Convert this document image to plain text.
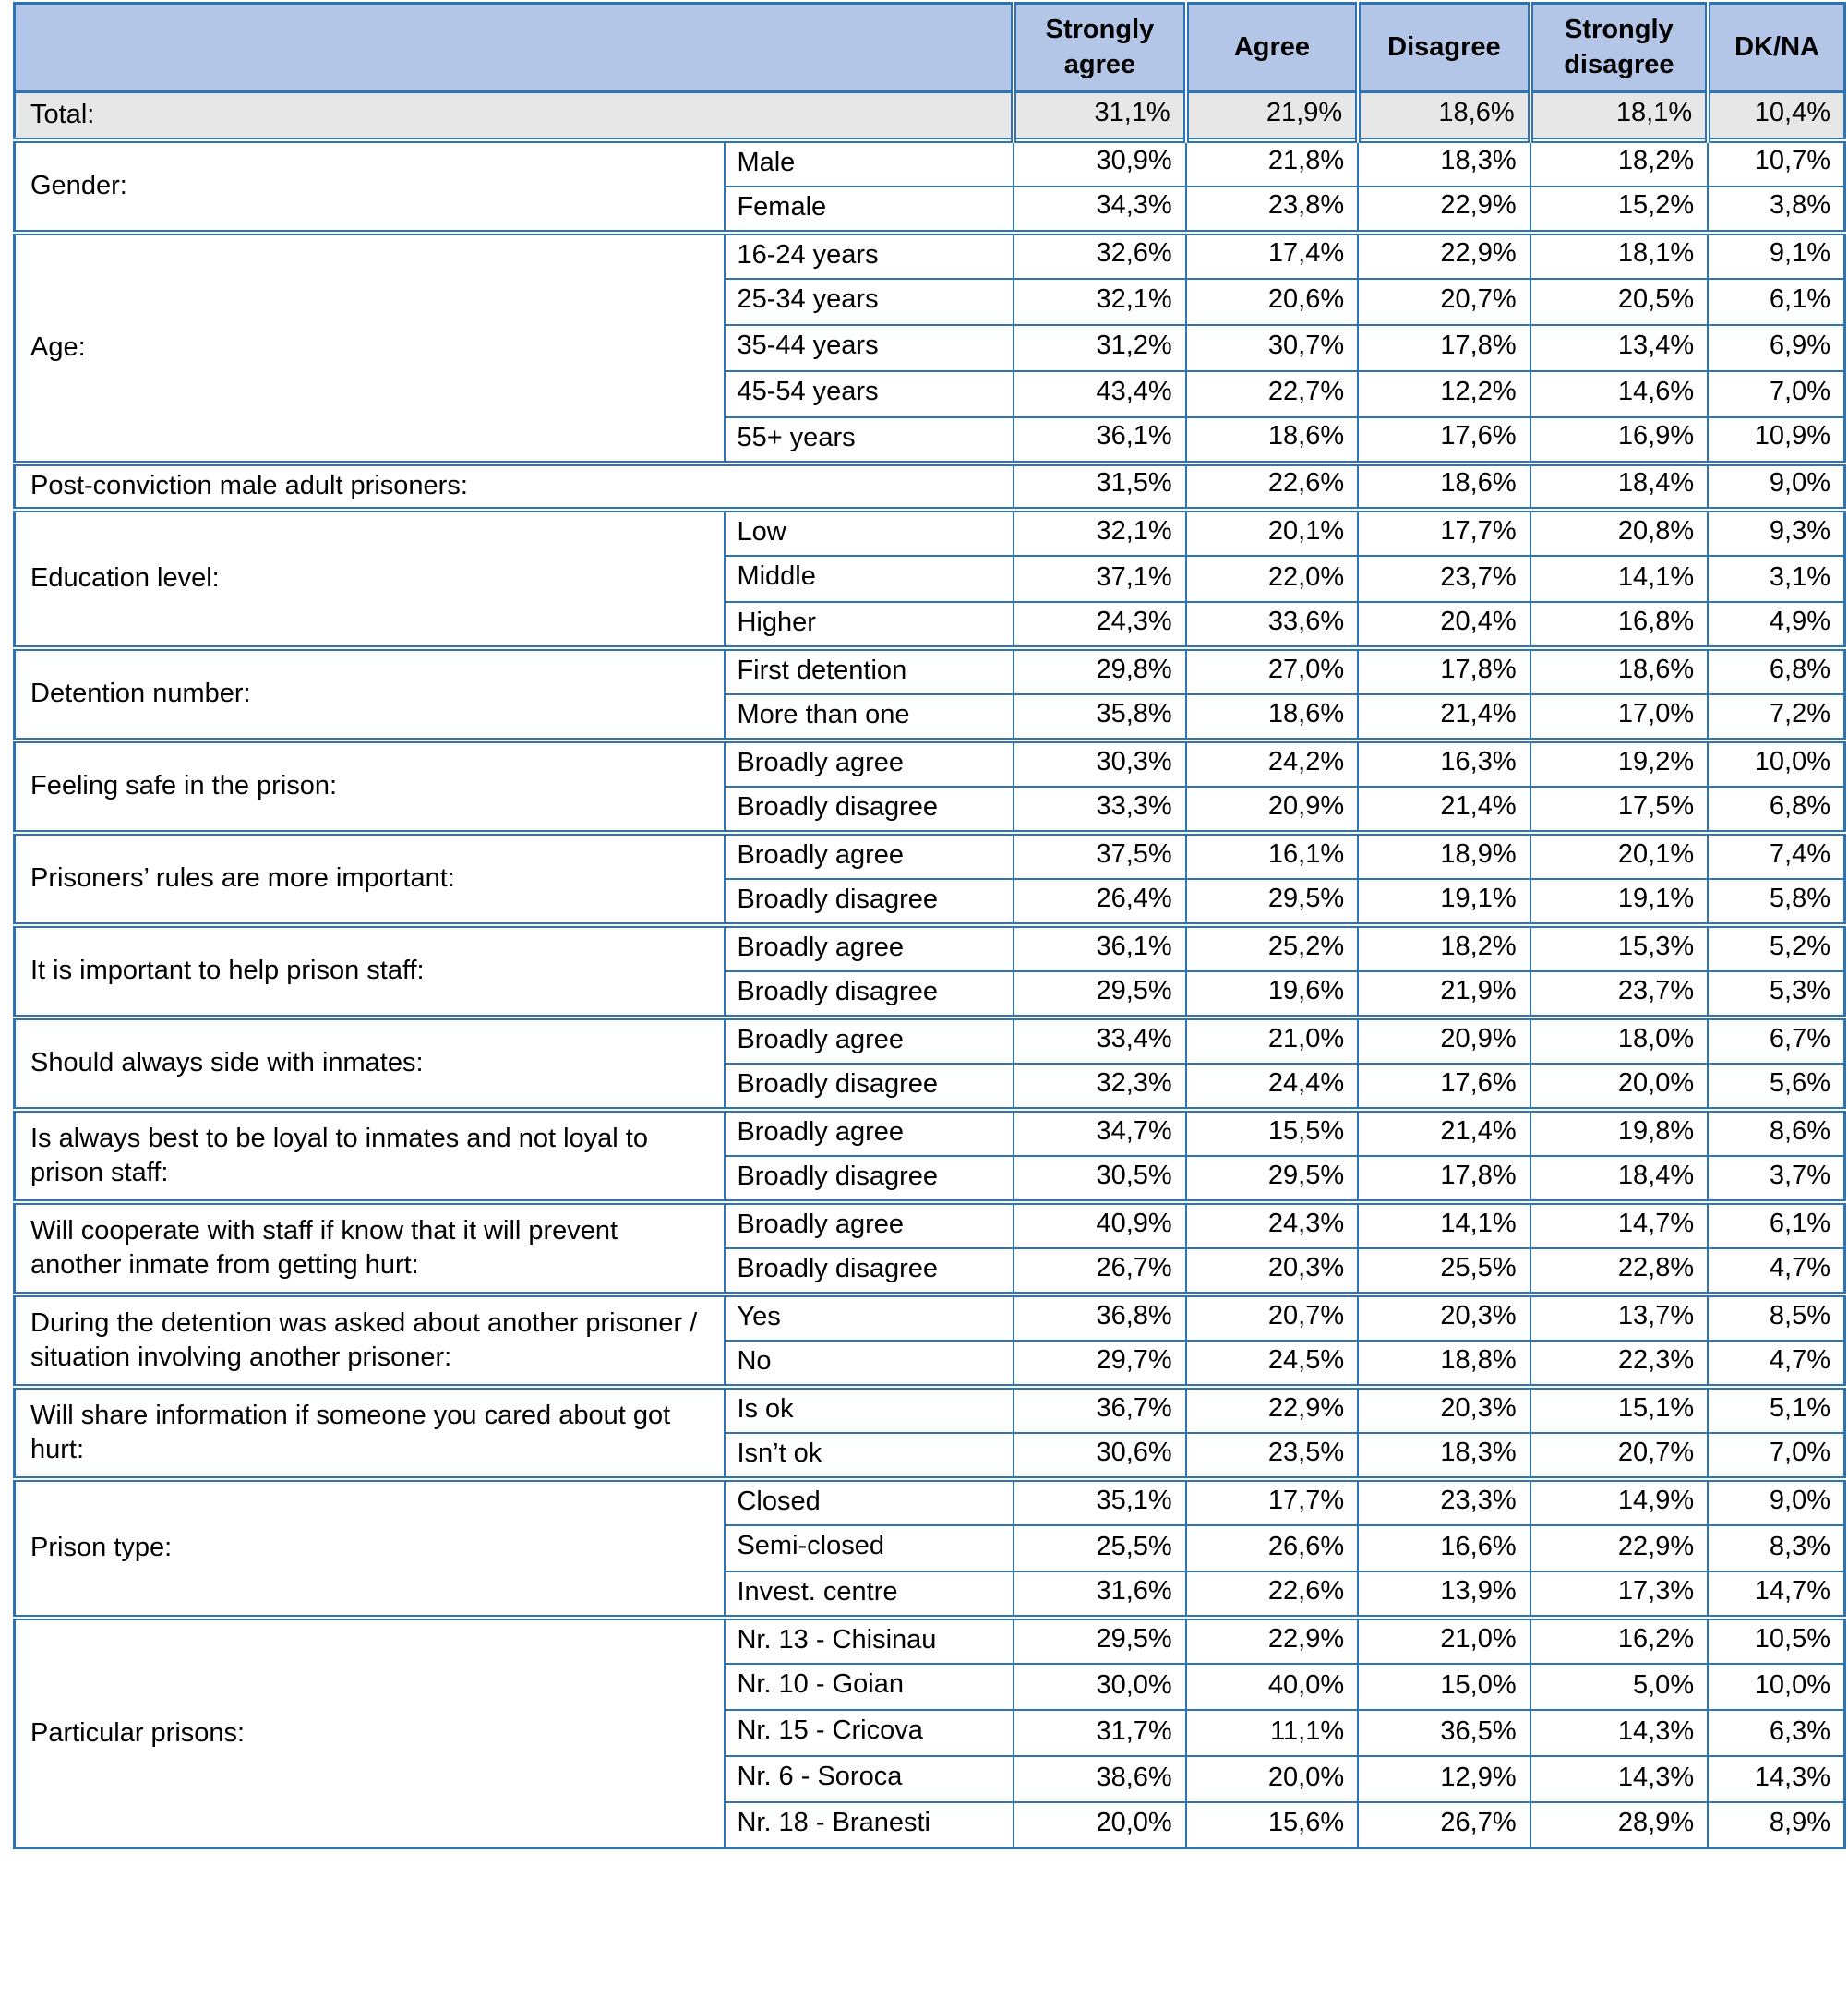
		Strongly agree	Agree	Disagree	Strongly disagree	DK/NA
Total:		31,1%	21,9%	18,6%	18,1%	10,4%
Gender:	Male	30,9%	21,8%	18,3%	18,2%	10,7%
	Female	34,3%	23,8%	22,9%	15,2%	3,8%
Age:	16-24 years	32,6%	17,4%	22,9%	18,1%	9,1%
	25-34 years	32,1%	20,6%	20,7%	20,5%	6,1%
	35-44 years	31,2%	30,7%	17,8%	13,4%	6,9%
	45-54 years	43,4%	22,7%	12,2%	14,6%	7,0%
	55+ years	36,1%	18,6%	17,6%	16,9%	10,9%
Post-conviction male adult prisoners:		31,5%	22,6%	18,6%	18,4%	9,0%
Education level:	Low	32,1%	20,1%	17,7%	20,8%	9,3%
	Middle	37,1%	22,0%	23,7%	14,1%	3,1%
	Higher	24,3%	33,6%	20,4%	16,8%	4,9%
Detention number:	First detention	29,8%	27,0%	17,8%	18,6%	6,8%
	More than one	35,8%	18,6%	21,4%	17,0%	7,2%
Feeling safe in the prison:	Broadly agree	30,3%	24,2%	16,3%	19,2%	10,0%
	Broadly disagree	33,3%	20,9%	21,4%	17,5%	6,8%
Prisoners’ rules are more important:	Broadly agree	37,5%	16,1%	18,9%	20,1%	7,4%
	Broadly disagree	26,4%	29,5%	19,1%	19,1%	5,8%
It is important to help prison staff:	Broadly agree	36,1%	25,2%	18,2%	15,3%	5,2%
	Broadly disagree	29,5%	19,6%	21,9%	23,7%	5,3%
Should always side with inmates:	Broadly agree	33,4%	21,0%	20,9%	18,0%	6,7%
	Broadly disagree	32,3%	24,4%	17,6%	20,0%	5,6%
Is always best to be loyal to inmates and not loyal to prison staff:	Broadly agree	34,7%	15,5%	21,4%	19,8%	8,6%
	Broadly disagree	30,5%	29,5%	17,8%	18,4%	3,7%
Will cooperate with staff if know that it will prevent another inmate from getting hurt:	Broadly agree	40,9%	24,3%	14,1%	14,7%	6,1%
	Broadly disagree	26,7%	20,3%	25,5%	22,8%	4,7%
During the detention was asked about another prisoner / situation involving another prisoner:	Yes	36,8%	20,7%	20,3%	13,7%	8,5%
	No	29,7%	24,5%	18,8%	22,3%	4,7%
Will share information if someone you cared about got hurt:	Is ok	36,7%	22,9%	20,3%	15,1%	5,1%
	Isn’t ok	30,6%	23,5%	18,3%	20,7%	7,0%
Prison type:	Closed	35,1%	17,7%	23,3%	14,9%	9,0%
	Semi-closed	25,5%	26,6%	16,6%	22,9%	8,3%
	Invest. centre	31,6%	22,6%	13,9%	17,3%	14,7%
Particular prisons:	Nr. 13 - Chisinau	29,5%	22,9%	21,0%	16,2%	10,5%
	Nr. 10 - Goian	30,0%	40,0%	15,0%	5,0%	10,0%
	Nr. 15 - Cricova	31,7%	11,1%	36,5%	14,3%	6,3%
	Nr. 6 - Soroca	38,6%	20,0%	12,9%	14,3%	14,3%
	Nr. 18 - Branesti	20,0%	15,6%	26,7%	28,9%	8,9%
